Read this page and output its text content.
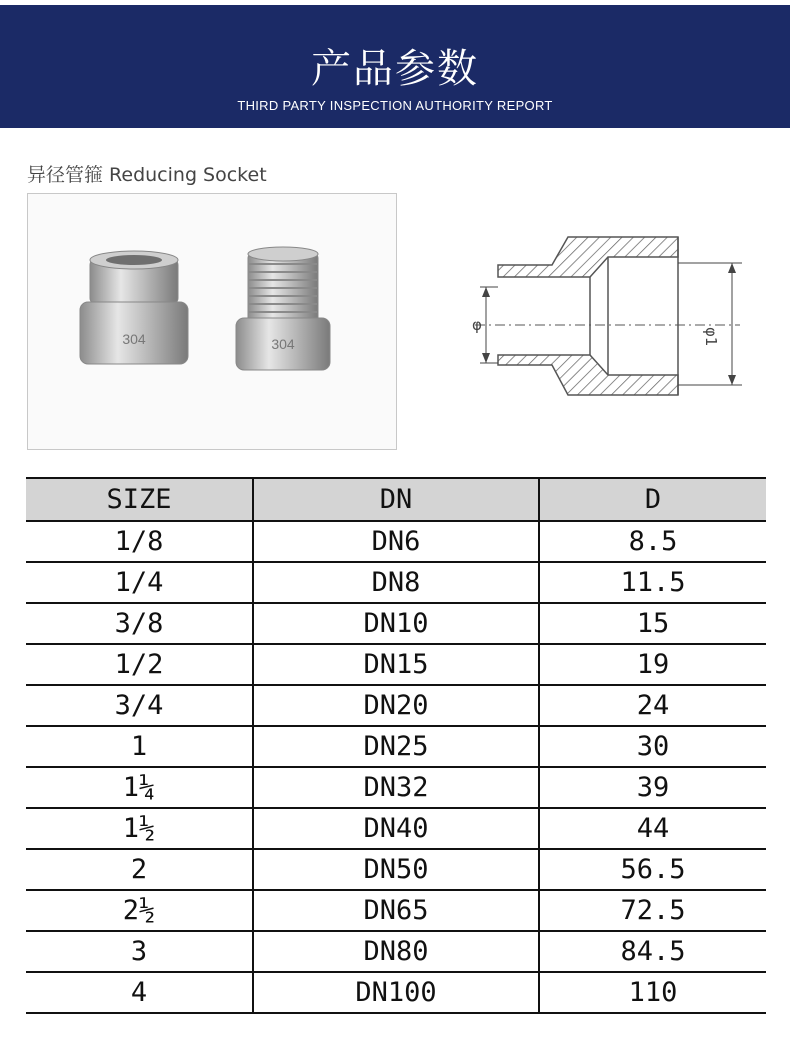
产品参数
THIRD PARTY INSPECTION AUTHORITY REPORT
异径管箍 Reducing Socket
304	304
φ
φ1
SIZE	DN	D
1/8	DN6	8.5
1/4	DN8	11.5
3/8	DN10	15
1/2	DN15	19
3/4	DN20	24
1	DN25	30
1¼	DN32	39
1½	DN40	44
2	DN50	56.5
2½	DN65	72.5
3	DN80	84.5
4	DN100	110
